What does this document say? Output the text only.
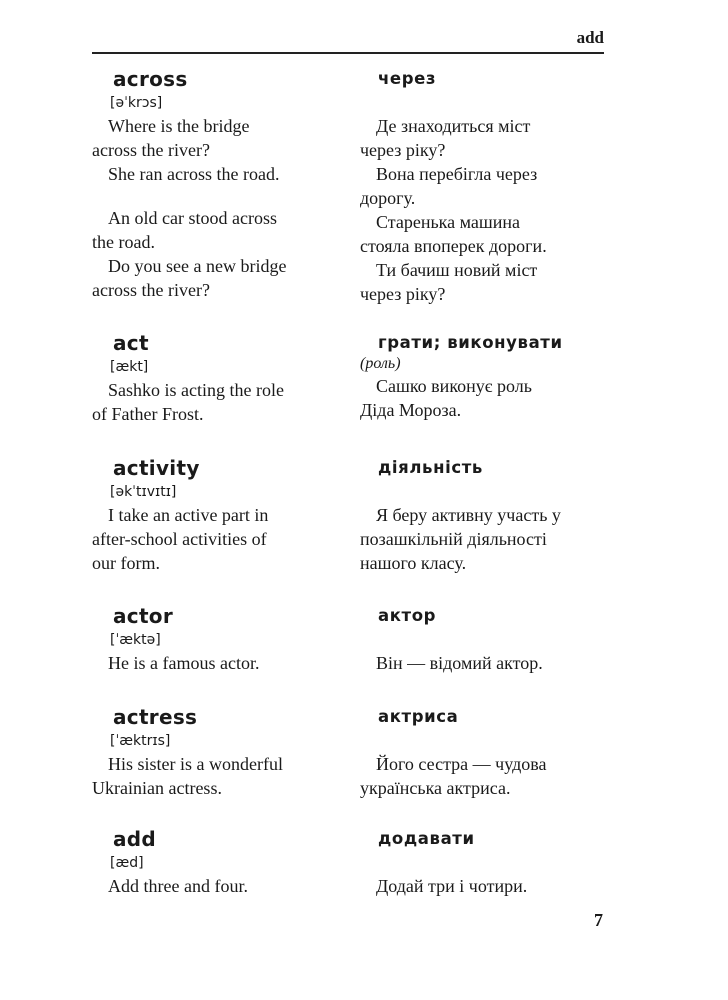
add
across
[əˈkrɔs]
Where is the bridge
across the river?
She ran across the road.
An old car stood across
the road.
Do you see a new bridge
across the river?
через
Де знаходиться міст
через ріку?
Вона перебігла через
дорогу.
Старенька машина
стояла впоперек дороги.
Ти бачиш новий міст
через ріку?
act
[ækt]
Sashko is acting the role
of Father Frost.
грати; виконувати
(роль)
Сашко виконує роль
Діда Мороза.
activity
[əkˈtɪvɪtɪ]
I take an active part in
after-school activities of
our form.
діяльність
Я беру активну участь у
позашкільній діяльності
нашого класу.
actor
[ˈæktə]
He is a famous actor.
актор
Він — відомий актор.
actress
[ˈæktrɪs]
His sister is a wonderful
Ukrainian actress.
актриса
Його сестра — чудова
українська актриса.
add
[æd]
Add three and four.
додавати
Додай три і чотири.
7
